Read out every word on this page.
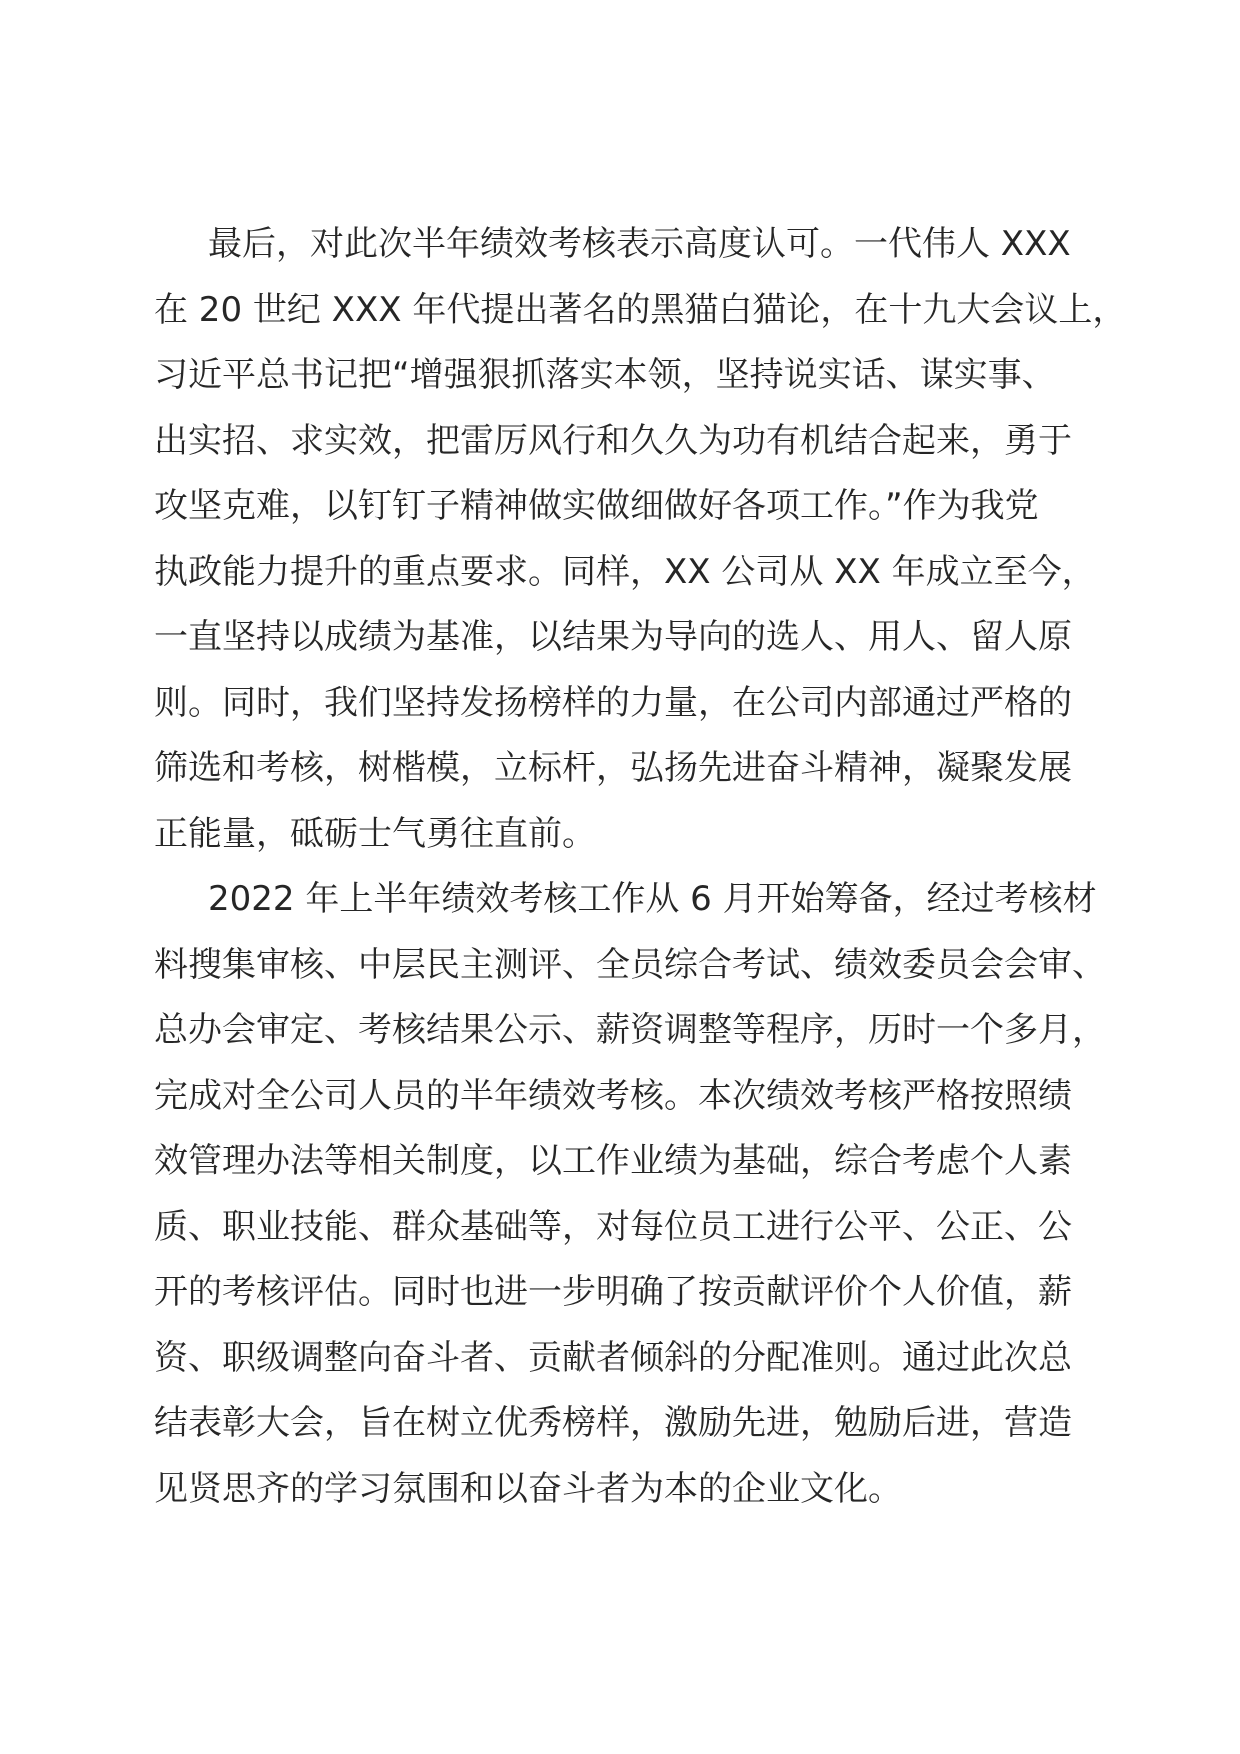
最后，对此次半年绩效考核表示高度认可。一代伟人 XXX
在 20 世纪 XXX 年代提出著名的黑猫白猫论，在十九大会议上，
习近平总书记把“增强狠抓落实本领，坚持说实话、谋实事、
出实招、求实效，把雷厉风行和久久为功有机结合起来，勇于
攻坚克难，以钉钉子精神做实做细做好各项工作。”作为我党
执政能力提升的重点要求。同样，XX 公司从 XX 年成立至今，
一直坚持以成绩为基准，以结果为导向的选人、用人、留人原
则。同时，我们坚持发扬榜样的力量，在公司内部通过严格的
筛选和考核，树楷模，立标杆，弘扬先进奋斗精神，凝聚发展
正能量，砥砺士气勇往直前。
2022 年上半年绩效考核工作从 6 月开始筹备，经过考核材
料搜集审核、中层民主测评、全员综合考试、绩效委员会会审、
总办会审定、考核结果公示、薪资调整等程序，历时一个多月，
完成对全公司人员的半年绩效考核。本次绩效考核严格按照绩
效管理办法等相关制度，以工作业绩为基础，综合考虑个人素
质、职业技能、群众基础等，对每位员工进行公平、公正、公
开的考核评估。同时也进一步明确了按贡献评价个人价值，薪
资、职级调整向奋斗者、贡献者倾斜的分配准则。通过此次总
结表彰大会，旨在树立优秀榜样，激励先进，勉励后进，营造
见贤思齐的学习氛围和以奋斗者为本的企业文化。
